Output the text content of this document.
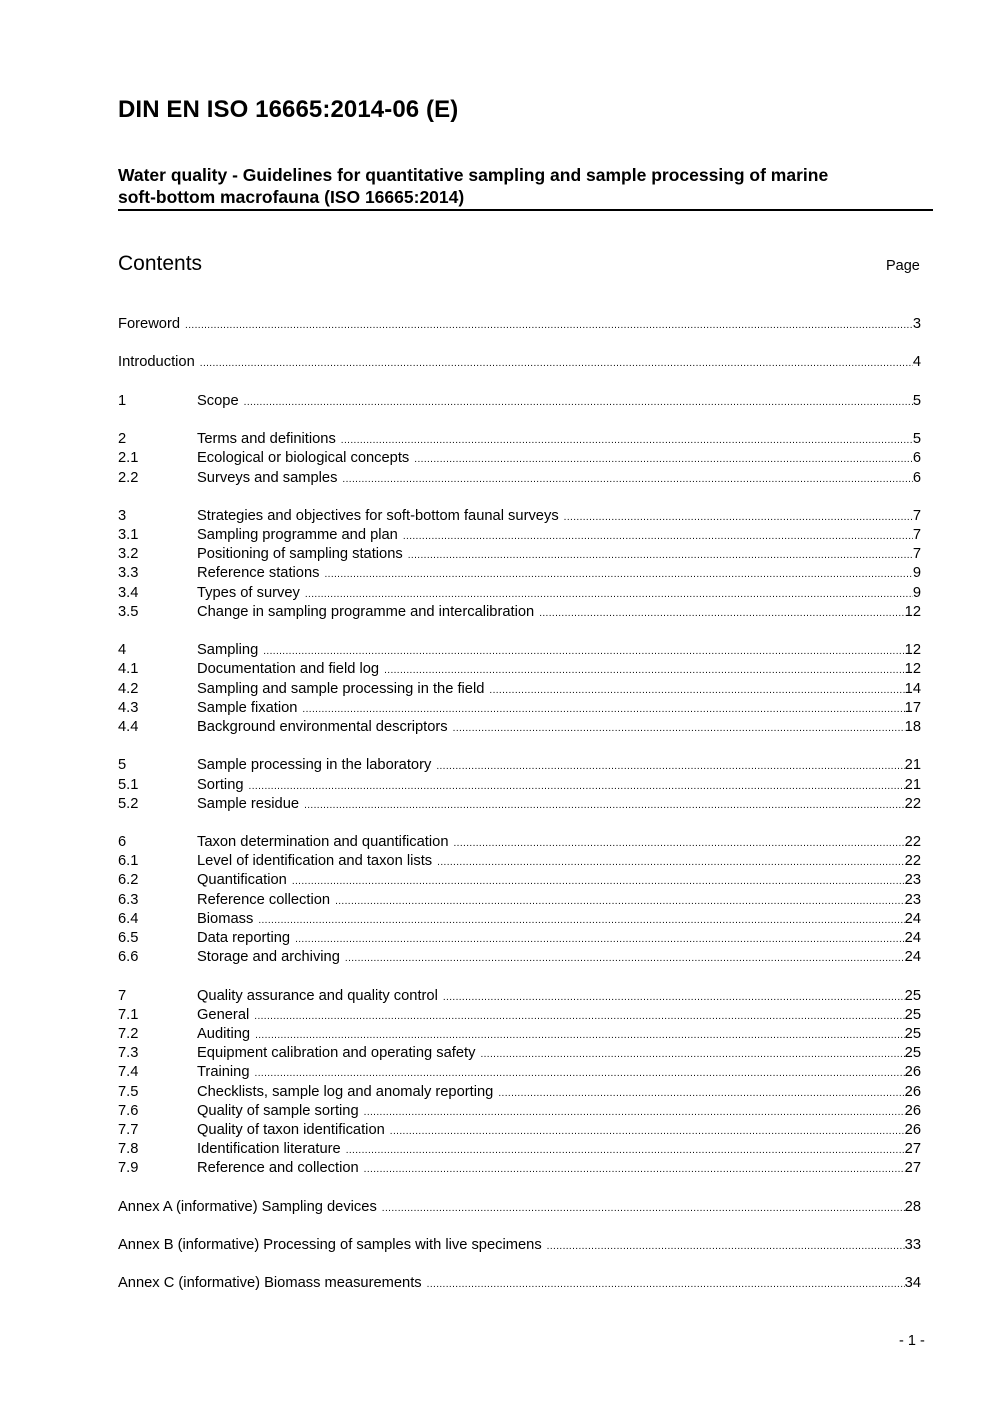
DIN EN ISO 16665:2014-06 (E)
Water quality - Guidelines for quantitative sampling and sample processing of marine
soft-bottom macrofauna (ISO 16665:2014)
Contents	Page
Foreword .....	3
Introduction .....	4
1	Scope .....	5
2	Terms and definitions .....	5
2.1	Ecological or biological concepts .....	6
2.2	Surveys and samples .....	6
3	Strategies and objectives for soft-bottom faunal surveys .....	7
3.1	Sampling programme and plan .....	7
3.2	Positioning of sampling stations .....	7
3.3	Reference stations .....	9
3.4	Types of survey .....	9
3.5	Change in sampling programme and intercalibration .....	12
4	Sampling .....	12
4.1	Documentation and field log .....	12
4.2	Sampling and sample processing in the field .....	14
4.3	Sample fixation .....	17
4.4	Background environmental descriptors .....	18
5	Sample processing in the laboratory .....	21
5.1	Sorting .....	21
5.2	Sample residue .....	22
6	Taxon determination and quantification .....	22
6.1	Level of identification and taxon lists .....	22
6.2	Quantification .....	23
6.3	Reference collection .....	23
6.4	Biomass .....	24
6.5	Data reporting .....	24
6.6	Storage and archiving .....	24
7	Quality assurance and quality control .....	25
7.1	General .....	25
7.2	Auditing .....	25
7.3	Equipment calibration and operating safety .....	25
7.4	Training .....	26
7.5	Checklists, sample log and anomaly reporting .....	26
7.6	Quality of sample sorting .....	26
7.7	Quality of taxon identification .....	26
7.8	Identification literature .....	27
7.9	Reference and collection .....	27
Annex A (informative) Sampling devices .....	28
Annex B (informative) Processing of samples with live specimens .....	33
Annex C (informative) Biomass measurements .....	34
- 1 -
